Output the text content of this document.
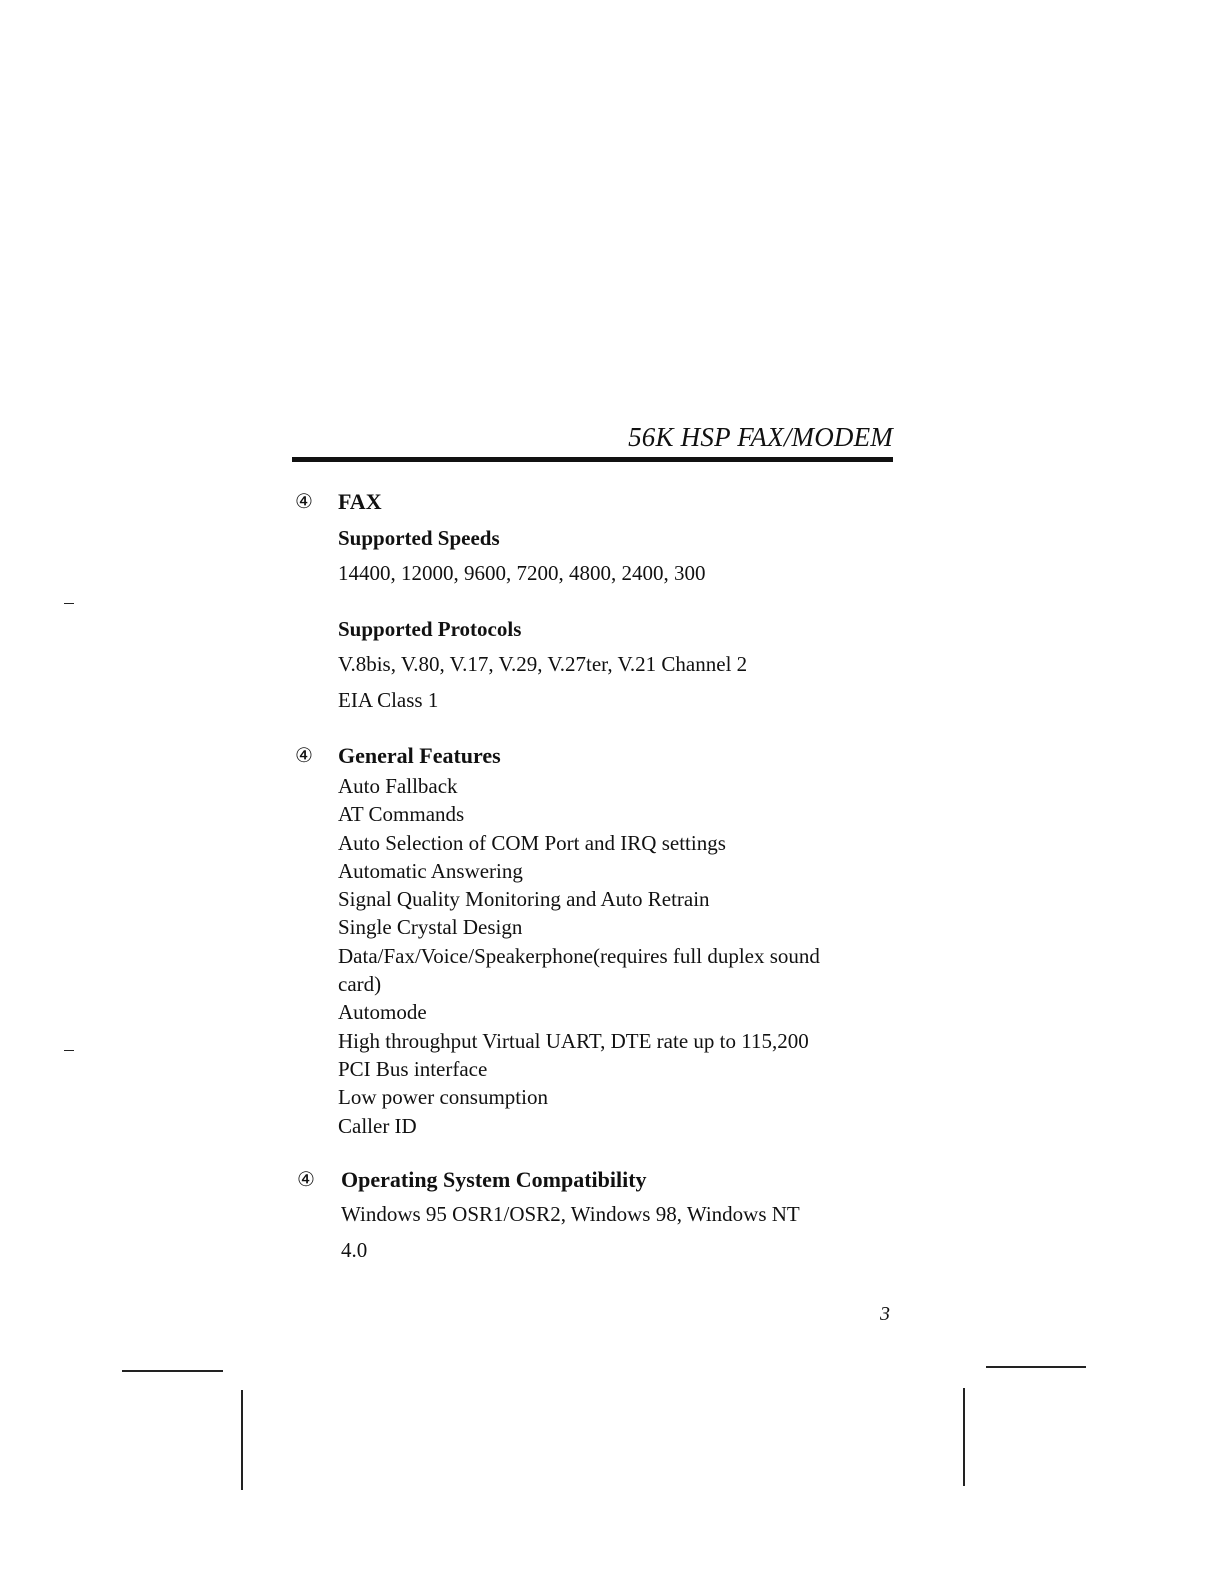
56K HSP FAX/MODEM
④ FAX
Supported Speeds
14400, 12000, 9600, 7200, 4800, 2400, 300
Supported Protocols
V.8bis, V.80, V.17, V.29, V.27ter, V.21 Channel 2
EIA Class 1
④ General Features
Auto Fallback
AT Commands
Auto Selection of COM Port and IRQ settings
Automatic Answering
Signal Quality Monitoring and Auto Retrain
Single Crystal Design
Data/Fax/Voice/Speakerphone(requires full duplex sound
card)
Automode
High throughput Virtual UART, DTE rate up to 115,200
PCI Bus interface
Low power consumption
Caller ID
④ Operating System Compatibility
Windows 95 OSR1/OSR2, Windows 98, Windows NT
4.0
3
